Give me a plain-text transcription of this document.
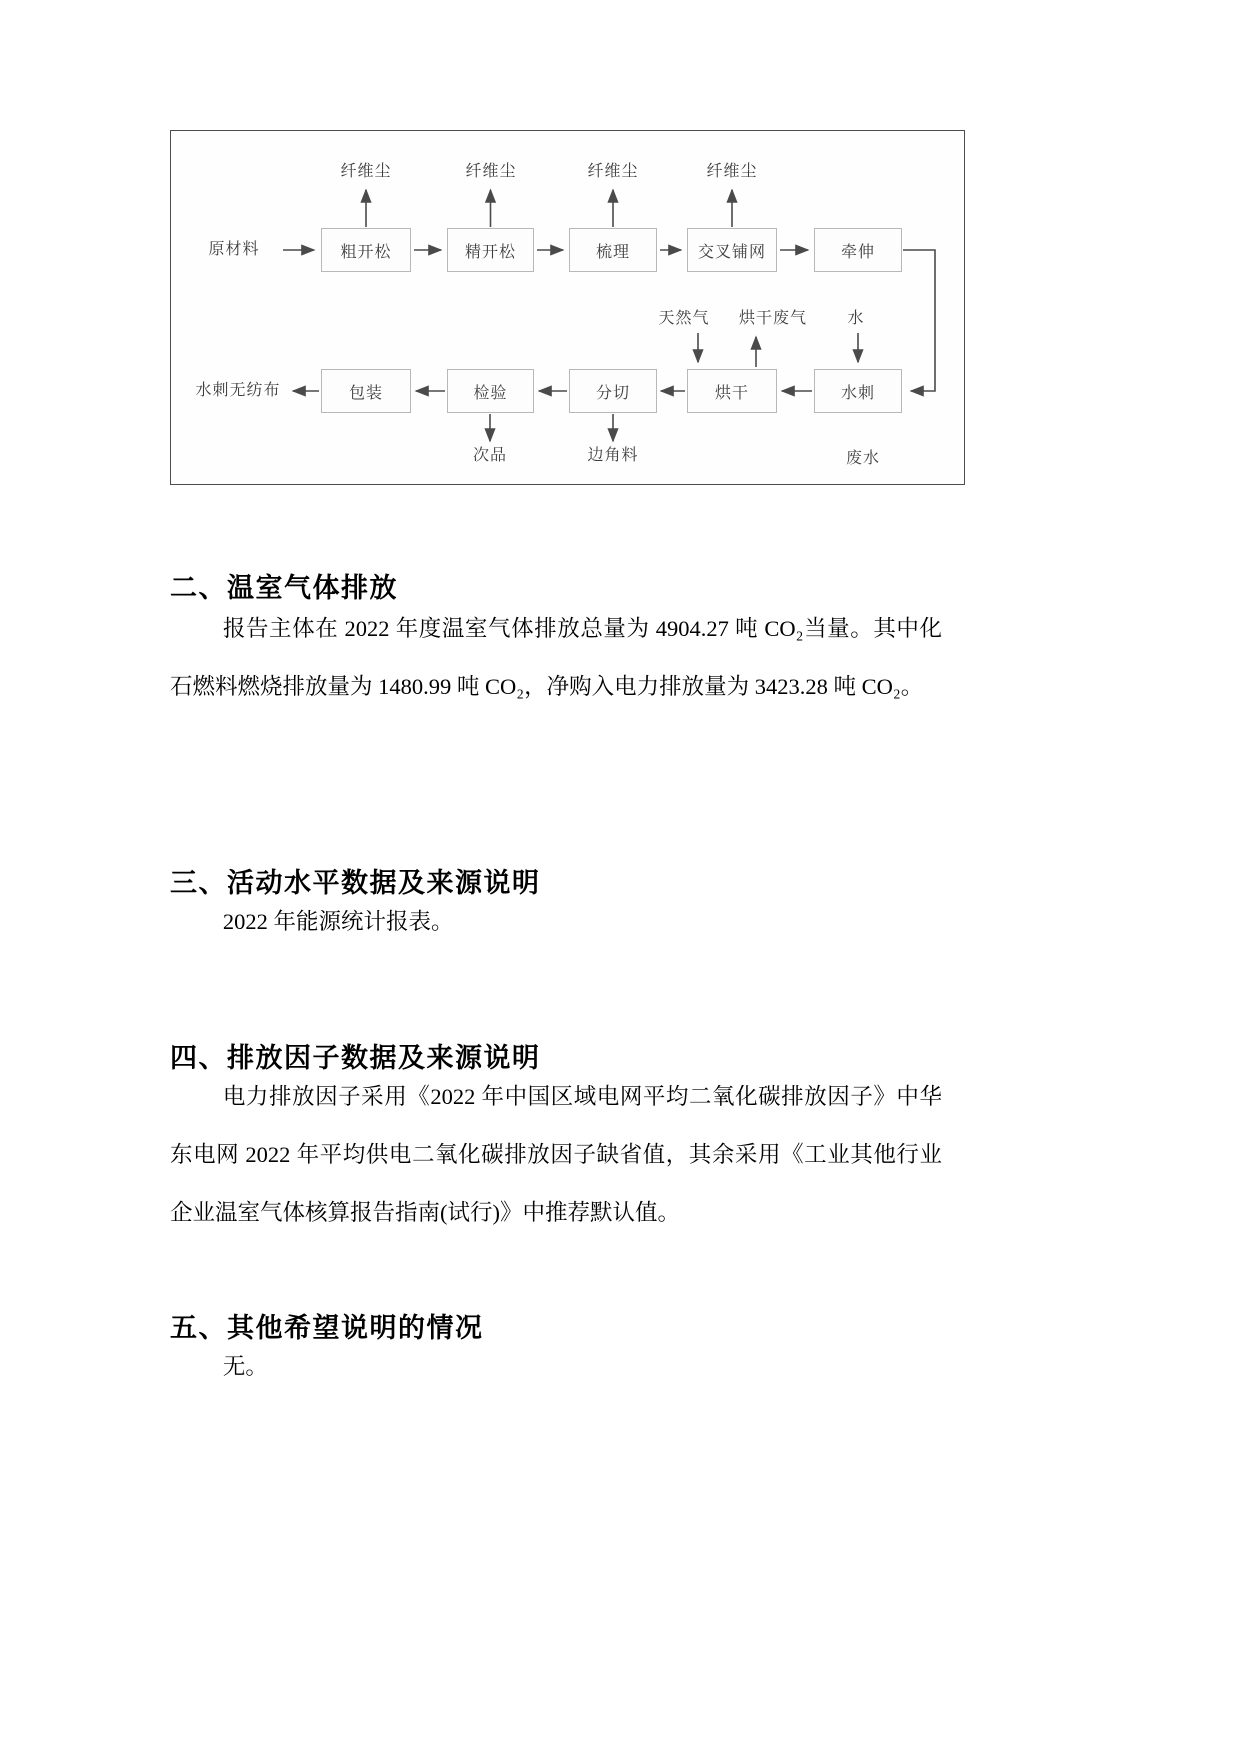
原材料
水刺无纺布
纤维尘	纤维尘	纤维尘	纤维尘
粗开松	精开松	梳理	交叉铺网	牵伸
包装	检验	分切	烘干	水刺
天然气	烘干废气	水
次品	边角料	废水
二、温室气体排放

报告主体在 2022 年度温室气体排放总量为 4904.27 吨 CO₂当量。其中化石燃料燃烧排放量为 1480.99 吨 CO₂，净购入电力排放量为 3423.28 吨 CO₂。

三、活动水平数据及来源说明

2022 年能源统计报表。

四、排放因子数据及来源说明

电力排放因子采用《2022 年中国区域电网平均二氧化碳排放因子》中华东电网 2022 年平均供电二氧化碳排放因子缺省值，其余采用《工业其他行业企业温室气体核算报告指南(试行)》中推荐默认值。

五、其他希望说明的情况

无。
